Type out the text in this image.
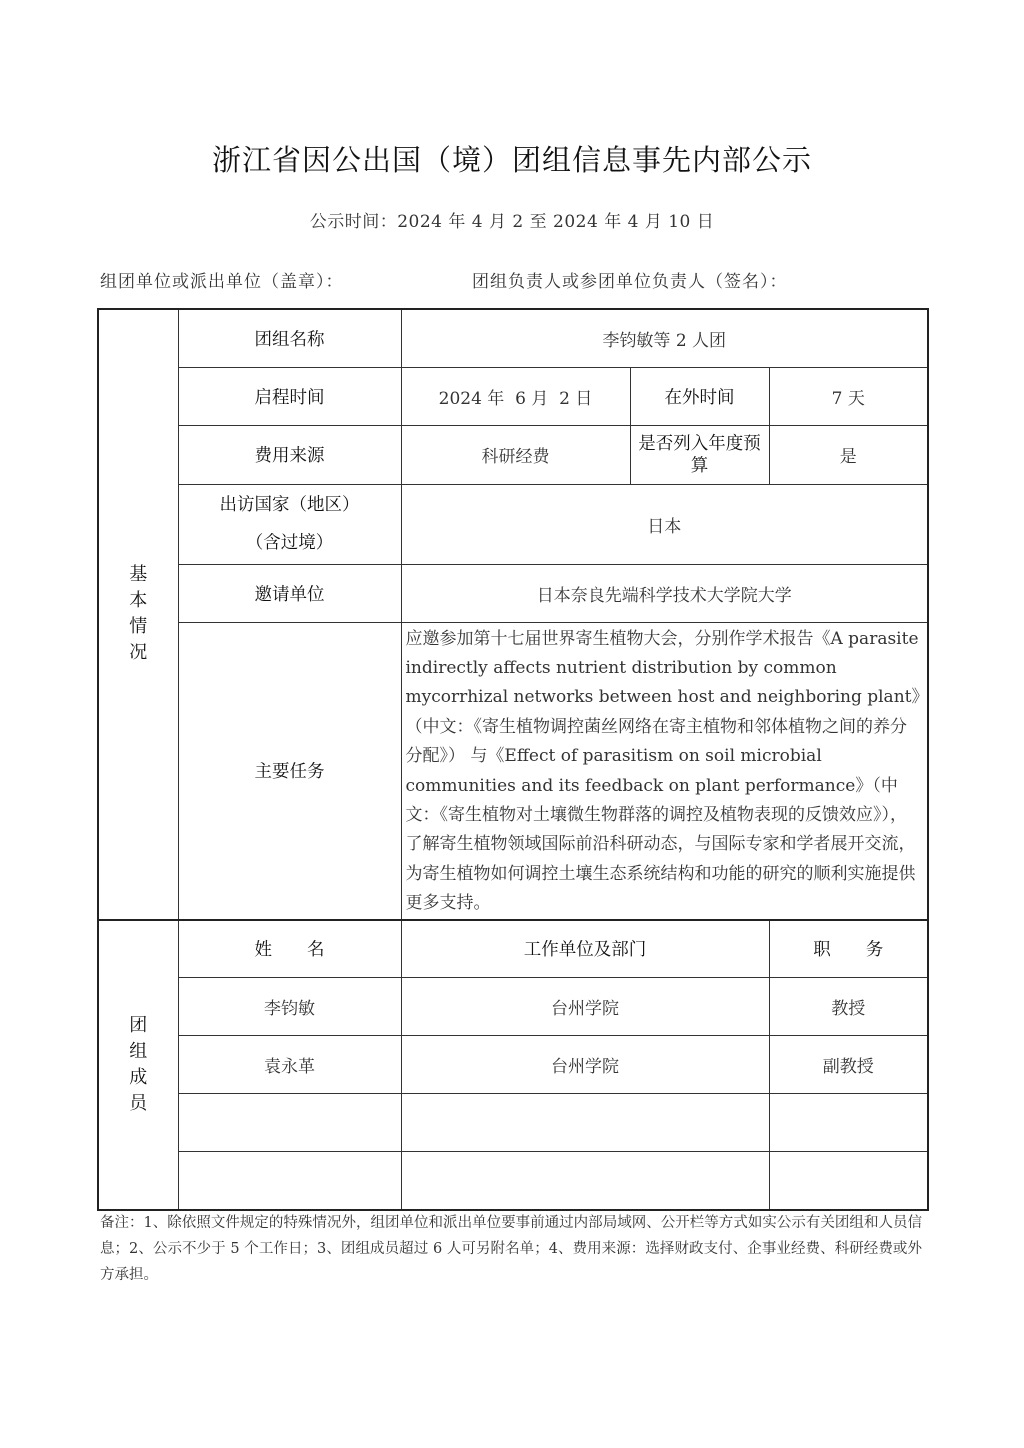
浙江省因公出国（境）团组信息事先内部公示
公示时间：2024 年 4 月 2 至 2024 年 4 月 10 日
组团单位或派出单位（盖章）：	团组负责人或参团单位负责人（签名）：
基本情况	团组名称	李钧敏等 2 人团		
	启程时间	2024 年  6 月  2 日	在外时间	7 天
	费用来源	科研经费	是否列入年度预算	是

	出访国家（地区）
（含过境）	日本		
	邀请单位	日本奈良先端科学技术大学院大学		
	主要任务	应邀参加第十七届世界寄生植物大会，分别作学术报告《A parasite indirectly affects nutrient distribution by common mycorrhizal networks between host and neighboring plant》（中文：《寄生植物调控菌丝网络在寄主植物和邻体植物之间的养分分配》） 与《Effect of parasitism on soil microbial communities and its feedback on plant performance》（中文：《寄生植物对土壤微生物群落的调控及植物表现的反馈效应》），了解寄生植物领域国际前沿科研动态，与国际专家和学者展开交流，为寄生植物如何调控土壤生态系统结构和功能的研究的顺利实施提供更多支持。		
团组成员	姓　　名	工作单位及部门		职　　务
	李钧敏	台州学院		教授
	袁永革	台州学院		副教授

备注：1、除依照文件规定的特殊情况外，组团单位和派出单位要事前通过内部局域网、公开栏等方式如实公示有关团组和人员信息；2、公示不少于 5 个工作日；3、团组成员超过 6 人可另附名单；4、费用来源：选择财政支付、企事业经费、科研经费或外方承担。
